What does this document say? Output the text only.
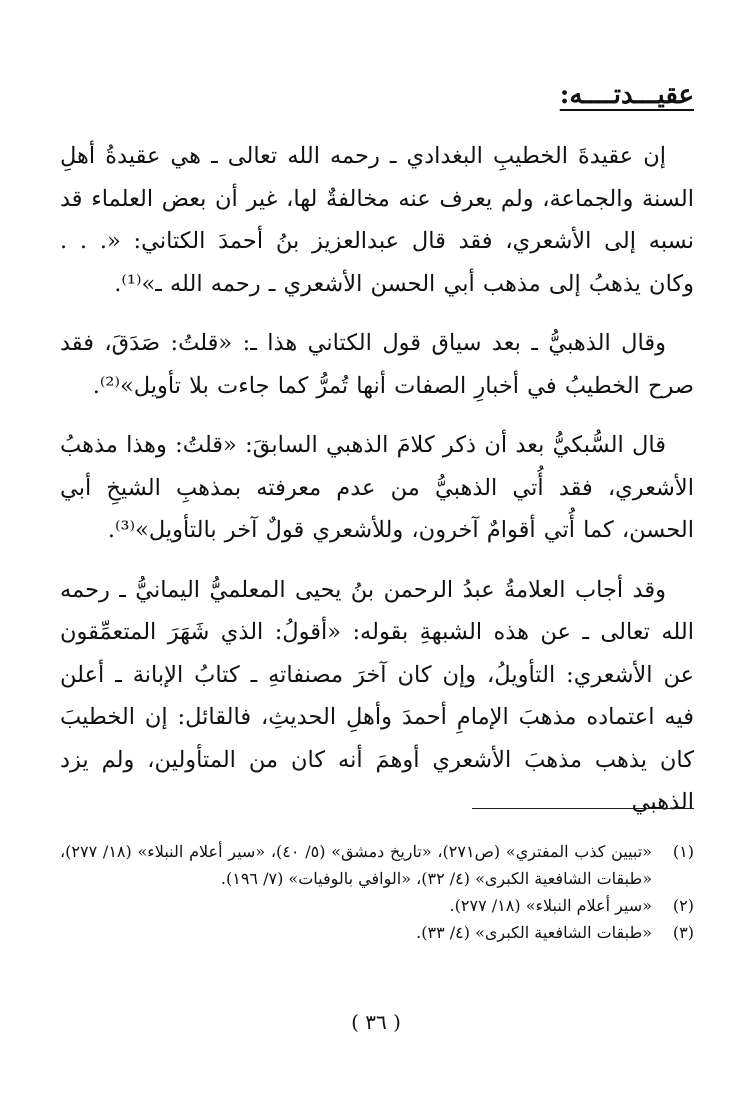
عقيـــدتــــه:

إن عقيدةَ الخطيبِ البغدادي ـ رحمه الله تعالى ـ هي عقيدةُ أهلِ السنة والجماعة، ولم يعرف عنه مخالفةٌ لها، غير أن بعض العلماء قد نسبه إلى الأشعري، فقد قال عبدالعزيز بنُ أحمدَ الكتاني: «. . . وكان يذهبُ إلى مذهب أبي الحسن الأشعري ـ رحمه الله ـ»⁽¹⁾.

وقال الذهبيُّ ـ بعد سياق قول الكتاني هذا ـ: «قلتُ: صَدَقَ، فقد صرح الخطيبُ في أخبارِ الصفات أنها تُمرُّ كما جاءت بلا تأويل»⁽²⁾.

قال السُّبكيُّ بعد أن ذكر كلامَ الذهبي السابقَ: «قلتُ: وهذا مذهبُ الأشعري، فقد أُتي الذهبيُّ من عدم معرفته بمذهبِ الشيخِ أبي الحسن، كما أُتي أقوامٌ آخرون، وللأشعري قولٌ آخر بالتأويل»⁽³⁾.

وقد أجاب العلامةُ عبدُ الرحمن بنُ يحيى المعلميُّ اليمانيُّ ـ رحمه الله تعالى ـ عن هذه الشبهةِ بقوله: «أقولُ: الذي شَهَرَ المتعمِّقون عن الأشعري: التأويلُ، وإن كان آخرَ مصنفاتهِ ـ كتابُ الإبانة ـ أعلن فيه اعتماده مذهبَ الإمامِ أحمدَ وأهلِ الحديثِ، فالقائل: إن الخطيبَ كان يذهب مذهبَ الأشعري أوهمَ أنه كان من المتأولين، ولم يزد الذهبي

(١)
«تبيين كذب المفتري» (ص٢٧١)، «تاريخ دمشق» (٥/ ٤٠)، «سير أعلام النبلاء» (١٨/ ٢٧٧)، «طبقات الشافعية الكبرى» (٤/ ٣٢)، «الوافي بالوفيات» (٧/ ١٩٦).
(٢)
«سير أعلام النبلاء» (١٨/ ٢٧٧).
(٣)
«طبقات الشافعية الكبرى» (٤/ ٣٣).
( ٣٦ )
